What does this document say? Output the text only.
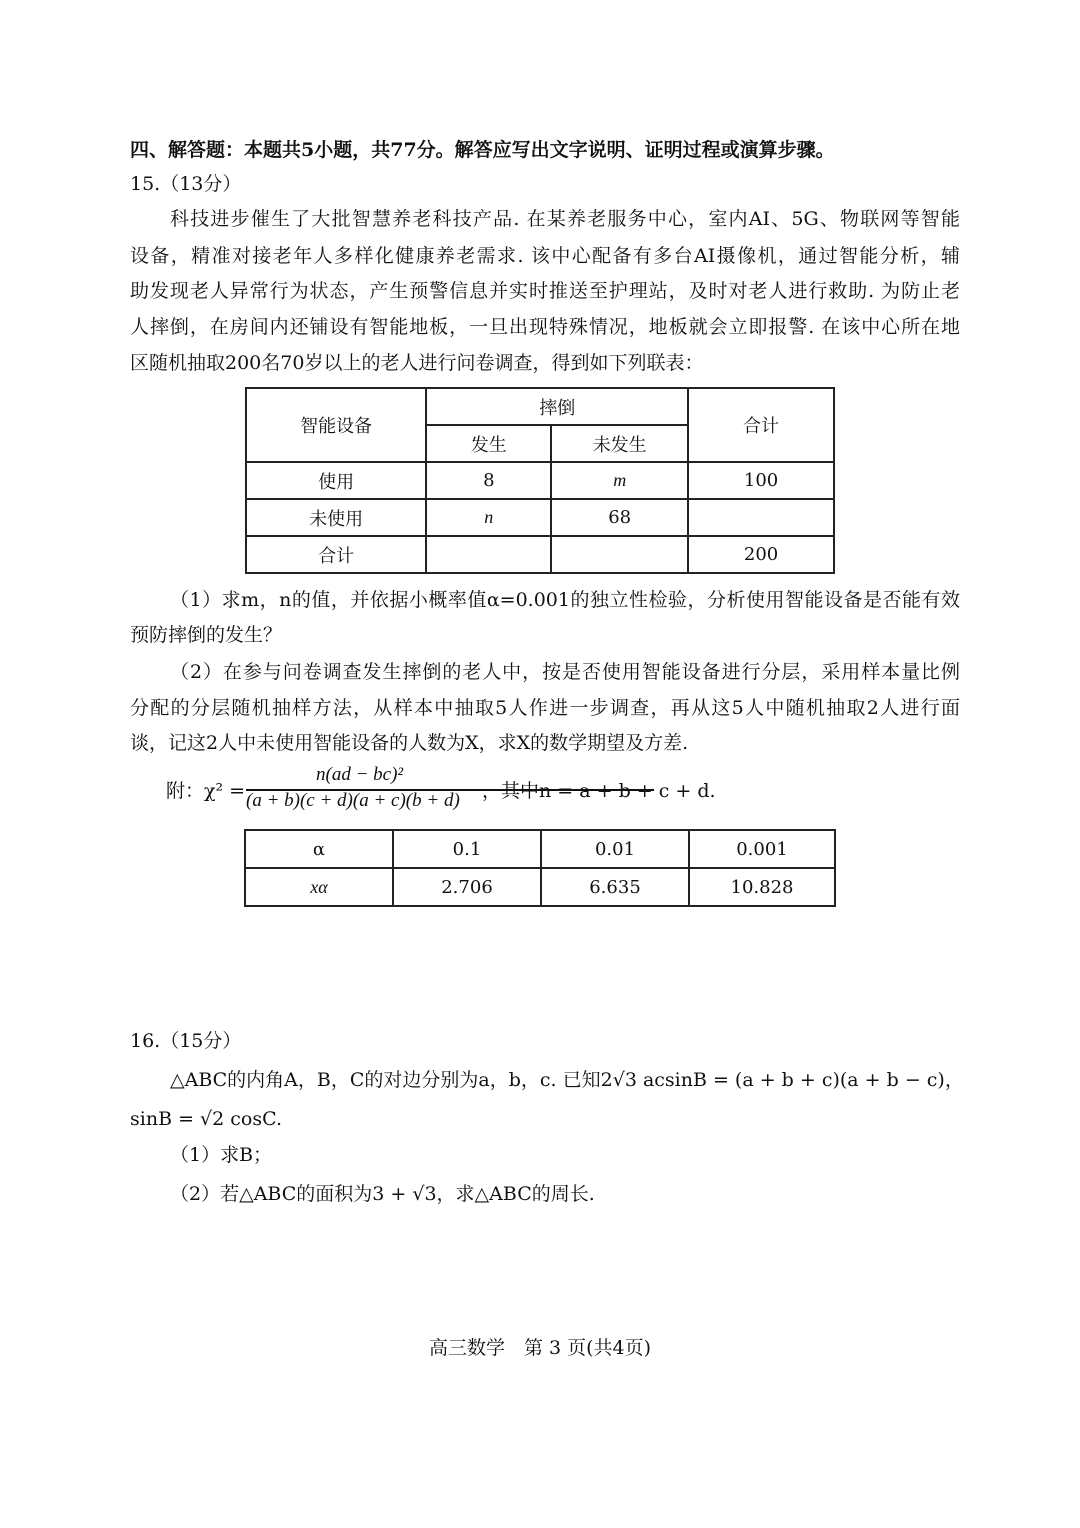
四、解答题：本题共5小题，共77分。解答应写出文字说明、证明过程或演算步骤。
15.（13分）
科技进步催生了大批智慧养老科技产品. 在某养老服务中心，室内AI、5G、物联网等智能
设备，精准对接老年人多样化健康养老需求. 该中心配备有多台AI摄像机，通过智能分析，辅
助发现老人异常行为状态，产生预警信息并实时推送至护理站，及时对老人进行救助. 为防止老
人摔倒，在房间内还铺设有智能地板，一旦出现特殊情况，地板就会立即报警. 在该中心所在地
区随机抽取200名70岁以上的老人进行问卷调查，得到如下列联表：
智能设备	摔倒		合计
	发生	未发生	
使用	8	m	100
未使用	n	68	
合计			200
（1）求m，n的值，并依据小概率值α=0.001的独立性检验，分析使用智能设备是否能有效
预防摔倒的发生？
（2）在参与问卷调查发生摔倒的老人中，按是否使用智能设备进行分层，采用样本量比例
分配的分层随机抽样方法，从样本中抽取5人作进一步调查，再从这5人中随机抽取2人进行面
谈，记这2人中未使用智能设备的人数为X，求X的数学期望及方差.
附：χ² =
n(ad − bc)²
(a + b)(c + d)(a + c)(b + d) ，其中n = a + b + c + d.
α	0.1	0.01	0.001
xα	2.706	6.635	10.828
16.（15分）
△ABC的内角A，B，C的对边分别为a，b，c. 已知2√3 acsinB = (a + b + c)(a + b − c)，
sinB = √2 cosC.
（1）求B；
（2）若△ABC的面积为3 + √3，求△ABC的周长.
高三数学　第 3 页(共4页)
